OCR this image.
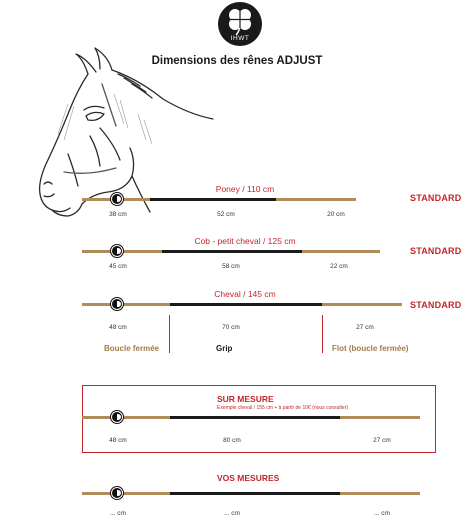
IHWT
Dimensions des rênes ADJUST
Poney / 110 cm
38 cm	52 cm	20 cm
STANDARD
Cob - petit cheval / 125 cm
45 cm	58 cm	22 cm
STANDARD
Cheval / 145 cm
48 cm	70 cm	27 cm
STANDARD
Boucle fermée	Grip	Flot (boucle fermée)
SUR MESURE
Exemple cheval / 155 cm + à partir de 10€ (nous consulter)
48 cm	80 cm	27 cm
VOS MESURES
... cm	... cm	... cm
